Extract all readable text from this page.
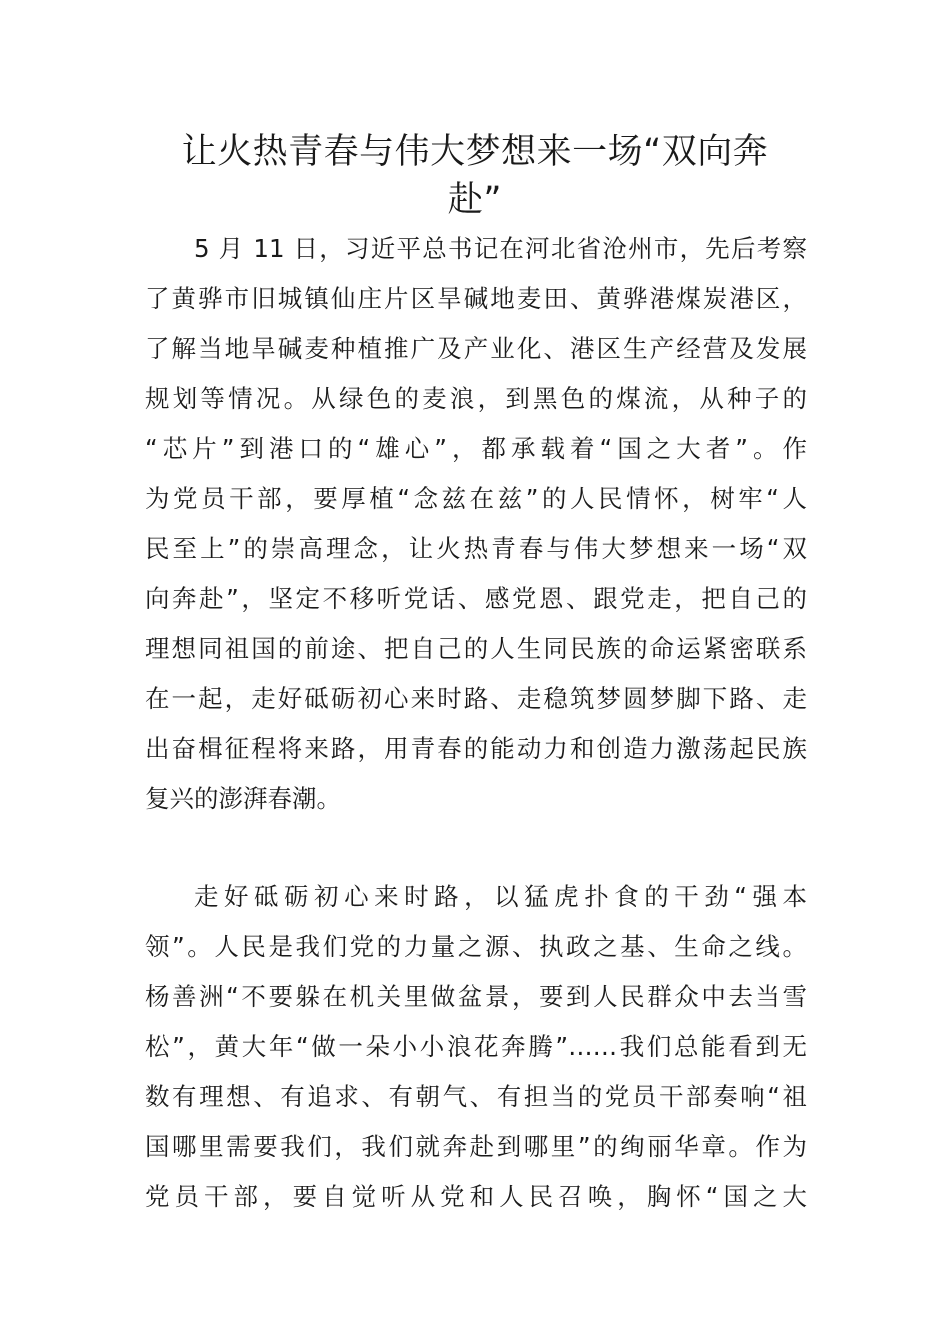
让火热青春与伟大梦想来一场“双向奔
赴”
5 月 11 日，习近平总书记在河北省沧州市，先后考察
了黄骅市旧城镇仙庄片区旱碱地麦田、黄骅港煤炭港区，
了解当地旱碱麦种植推广及产业化、港区生产经营及发展
规划等情况。从绿色的麦浪，到黑色的煤流，从种子的
“芯片”到港口的“雄心”，都承载着“国之大者”。作
为党员干部，要厚植“念兹在兹”的人民情怀，树牢“人
民至上”的崇高理念，让火热青春与伟大梦想来一场“双
向奔赴”，坚定不移听党话、感党恩、跟党走，把自己的
理想同祖国的前途、把自己的人生同民族的命运紧密联系
在一起，走好砥砺初心来时路、走稳筑梦圆梦脚下路、走
出奋楫征程将来路，用青春的能动力和创造力激荡起民族
复兴的澎湃春潮。
走好砥砺初心来时路，以猛虎扑食的干劲“强本
领”。人民是我们党的力量之源、执政之基、生命之线。
杨善洲“不要躲在机关里做盆景，要到人民群众中去当雪
松”，黄大年“做一朵小小浪花奔腾”……我们总能看到无
数有理想、有追求、有朝气、有担当的党员干部奏响“祖
国哪里需要我们，我们就奔赴到哪里”的绚丽华章。作为
党员干部，要自觉听从党和人民召唤，胸怀“国之大
